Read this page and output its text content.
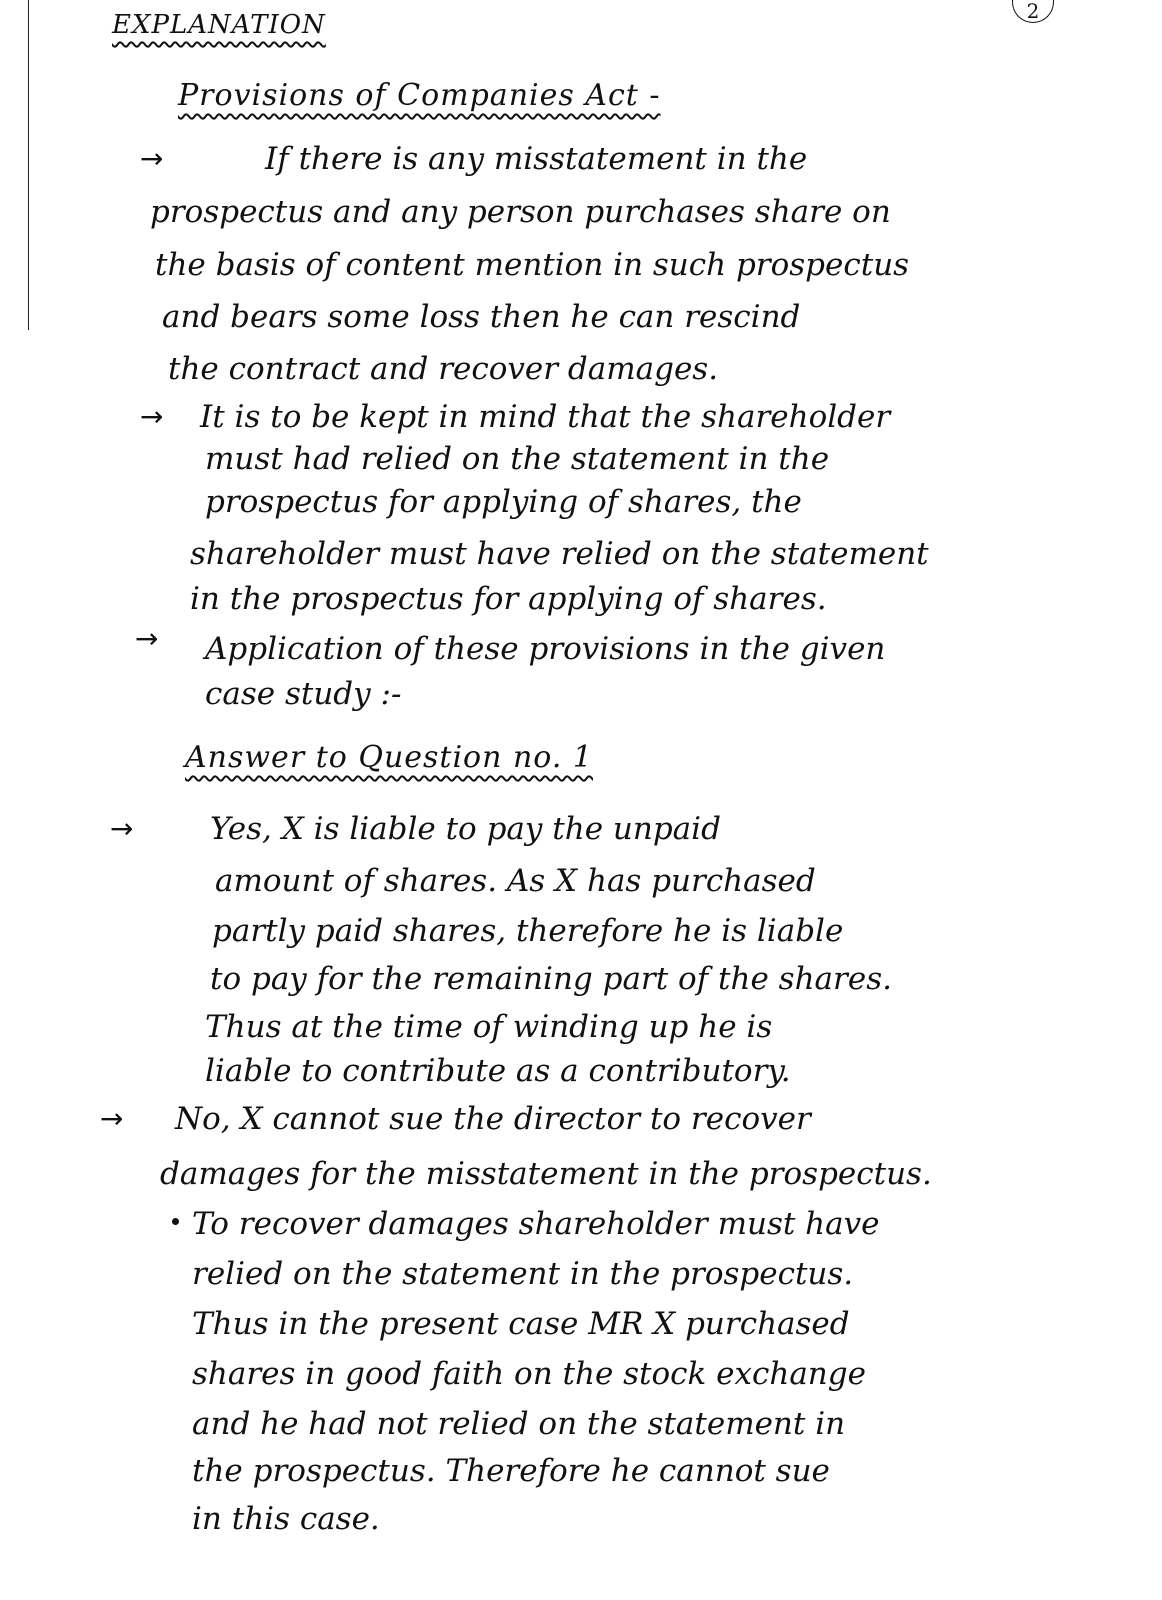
2
EXPLANATION
Provisions of Companies Act -
→	If there is any misstatement in the
prospectus and any person purchases share on
the basis of content mention in such prospectus
and bears some loss then he can rescind
the contract and recover damages.
→ It is to be kept in mind that the shareholder
must had relied on the statement in the
prospectus for applying of shares, the
shareholder must have relied on the statement
in the prospectus for applying of shares.
→ Application of these provisions in the given
case study :-
Answer to Question no. 1
→ Yes, X is liable to pay the unpaid
amount of shares. As X has purchased
partly paid shares, therefore he is liable
to pay for the remaining part of the shares.
Thus at the time of winding up he is
liable to contribute as a contributory.
→ No, X cannot sue the director to recover
damages for the misstatement in the prospectus.
To recover damages shareholder must have
relied on the statement in the prospectus.
Thus in the present case MR X purchased
shares in good faith on the stock exchange
and he had not relied on the statement in
the prospectus. Therefore he cannot sue
in this case.
